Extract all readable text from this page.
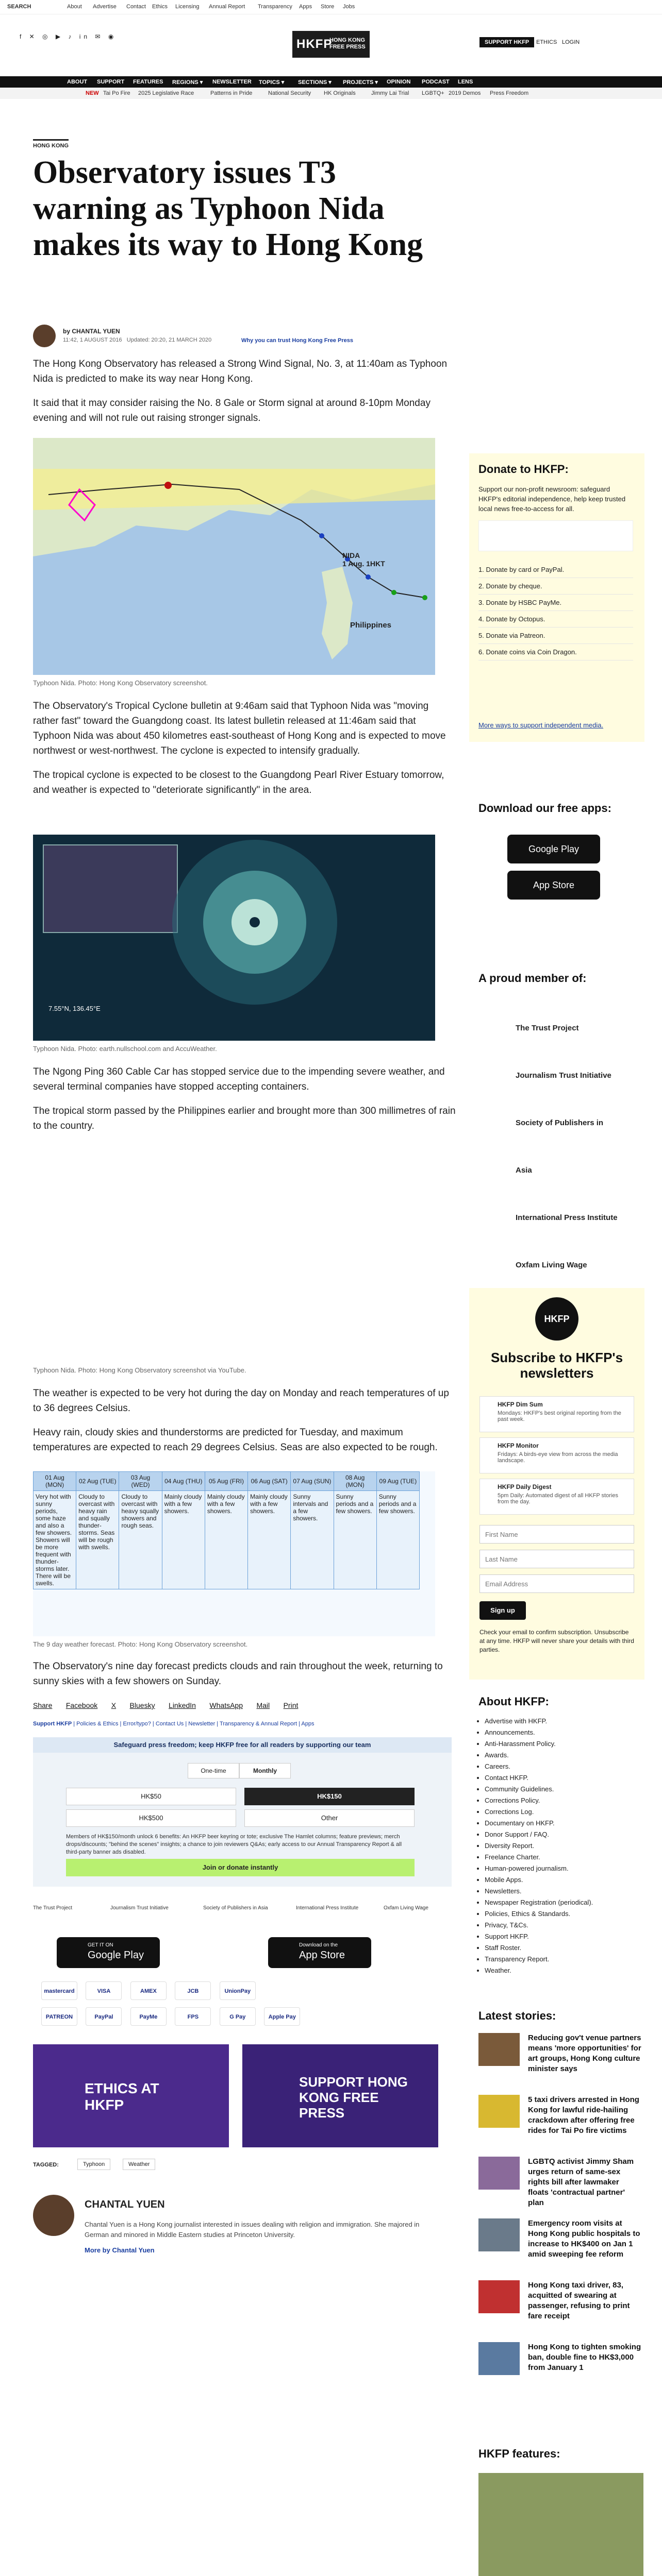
SEARCH	About Advertise Contact Ethics Licensing Annual Report Transparency Apps Store Jobs
f ✕ ◎ ▶ ♪ in ✉ ◉
HKFP
HONG KONG
FREE PRESS
SUPPORT HKFP	ETHICS LOGIN
ABOUT SUPPORT FEATURES REGIONS ▾ NEWSLETTER TOPICS ▾ SECTIONS ▾ PROJECTS ▾ OPINION PODCAST LENS
NEW Tai Po Fire 2025 Legislative Race	Patterns in Pride	National Security HK Originals	Jimmy Lai Trial LGBTQ+ 2019 Demos Press Freedom
HONG KONG
Observatory issues T3 warning as Typhoon Nida makes its way to Hong Kong
by CHANTAL YUEN
11:42, 1 AUGUST 2016 Updated: 20:20, 21 MARCH 2020	Why you can trust Hong Kong Free Press

The Hong Kong Observatory has released a Strong Wind Signal, No. 3, at 11:40am as Typhoon Nida is predicted to make its way near Hong Kong.

It said that it may consider raising the No. 8 Gale or Storm signal at around 8-10pm Monday evening and will not rule out raising stronger signals.

NIDA
1 Aug. 1HKT
Philippines
Typhoon Nida. Photo: Hong Kong Observatory screenshot.

The Observatory's Tropical Cyclone bulletin at 9:46am said that Typhoon Nida was "moving rather fast" toward the Guangdong coast. Its latest bulletin released at 11:46am said that Typhoon Nida was about 450 kilometres east-southeast of Hong Kong and is expected to move northwest or west-northwest. The cyclone is expected to intensify gradually.

The tropical cyclone is expected to be closest to the Guangdong Pearl River Estuary tomorrow, and weather is expected to "deteriorate significantly" in the area.

7.55°N, 136.45°E
Typhoon Nida. Photo: earth.nullschool.com and AccuWeather.

The Ngong Ping 360 Cable Car has stopped service due to the impending severe weather, and several terminal companies have stopped accepting containers.

The tropical storm passed by the Philippines earlier and brought more than 300 millimetres of rain to the country.

Typhoon Nida. Photo: Hong Kong Observatory screenshot via YouTube.

The weather is expected to be very hot during the day on Monday and reach temperatures of up to 36 degrees Celsius.

Heavy rain, cloudy skies and thunderstorms are predicted for Tuesday, and maximum temperatures are expected to reach 29 degrees Celsius. Seas are also expected to be rough.

01 Aug (MON)	02 Aug (TUE)	03 Aug (WED)	04 Aug (THU)	05 Aug (FRI)	06 Aug (SAT)	07 Aug (SUN)	08 Aug (MON)	09 Aug (TUE)
Very hot with sunny periods, some haze and also a few showers. Showers will be more frequent with thunder-storms later. There will be swells.	Cloudy to overcast with heavy rain and squally thunder-storms. Seas will be rough with swells.	Cloudy to overcast with heavy squally showers and rough seas.	Mainly cloudy with a few showers.	Mainly cloudy with a few showers.	Mainly cloudy with a few showers.	Sunny intervals and a few showers.	Sunny periods and a few showers.	Sunny periods and a few showers.
The 9 day weather forecast. Photo: Hong Kong Observatory screenshot.

The Observatory's nine day forecast predicts clouds and rain throughout the week, returning to sunny skies with a few showers on Sunday.

Share Facebook X Bluesky LinkedIn WhatsApp Mail Print
Support HKFP | Policies & Ethics | Error/typo? | Contact Us | Newsletter | Transparency & Annual Report | Apps
Safeguard press freedom; keep HKFP free for all readers by supporting our team
One-time	Monthly
HK$50	HK$150
HK$500	Other
Members of HK$150/month unlock 6 benefits: An HKFP beer keyring or tote; exclusive The Hamlet columns; feature previews; merch drops/discounts; "behind the scenes" insights; a chance to join reviewers Q&As; early access to our Annual Transparency Report & all third-party banner ads disabled.
Join or donate instantly
The Trust Project	Journalism Trust Initiative	Society of Publishers in Asia	International Press Institute	Oxfam Living Wage
GET IT ON
Google Play
Download on the
App Store
mastercard	VISA	AMEX	JCB	UnionPay
PATREON	PayPal	PayMe	FPS	G Pay	Apple Pay
ETHICS AT HKFP
SUPPORT HONG KONG FREE PRESS
TAGGED:	Typhoon	Weather
CHANTAL YUEN
Chantal Yuen is a Hong Kong journalist interested in issues dealing with religion and immigration. She majored in German and minored in Middle Eastern studies at Princeton University.
More by Chantal Yuen
Donate to HKFP:
Support our non-profit newsroom: safeguard HKFP's editorial independence, help keep trusted local news free-to-access for all.
1. Donate by card or PayPal.
2. Donate by cheque.
3. Donate by HSBC PayMe.
4. Donate by Octopus.
5. Donate via Patreon.
6. Donate coins via Coin Dragon.
More ways to support independent media.
Download our free apps:
Google Play
App Store
A proud member of:
The Trust Project
Journalism Trust Initiative
Society of Publishers in Asia
International Press Institute
Oxfam Living Wage
HKFP
Subscribe to HKFP's newsletters
HKFP Dim Sum
Mondays: HKFP's best original reporting from the past week.
HKFP Monitor
Fridays: A birds-eye view from across the media landscape.
HKFP Daily Digest
5pm Daily: Automated digest of all HKFP stories from the day.
First Name
Last Name
Email Address
Sign up
Check your email to confirm subscription. Unsubscribe at any time. HKFP will never share your details with third parties.
About HKFP:
• Advertise with HKFP.
• Announcements.
• Anti-Harassment Policy.
• Awards.
• Careers.
• Contact HKFP.
• Community Guidelines.
• Corrections Policy.
• Corrections Log.
• Documentary on HKFP.
• Donor Support / FAQ.
• Diversity Report.
• Freelance Charter.
• Human-powered journalism.
• Mobile Apps.
• Newsletters.
• Newspaper Registration (periodical).
• Policies, Ethics & Standards.
• Privacy, T&Cs.
• Support HKFP.
• Staff Roster.
• Transparency Report.
• Weather.
Latest stories:
Reducing gov't venue partners means 'more opportunities' for art groups, Hong Kong culture minister says
5 taxi drivers arrested in Hong Kong for lawful ride-hailing crackdown after offering free rides for Tai Po fire victims
LGBTQ activist Jimmy Sham urges return of same-sex rights bill after lawmaker floats 'contractual partner' plan
Emergency room visits at Hong Kong public hospitals to increase to HK$400 on Jan 1 amid sweeping fee reform
Hong Kong taxi driver, 83, acquitted of swearing at passenger, refusing to print fare receipt
Hong Kong to tighten smoking ban, double fine to HK$3,000 from January 1
HKFP features:
